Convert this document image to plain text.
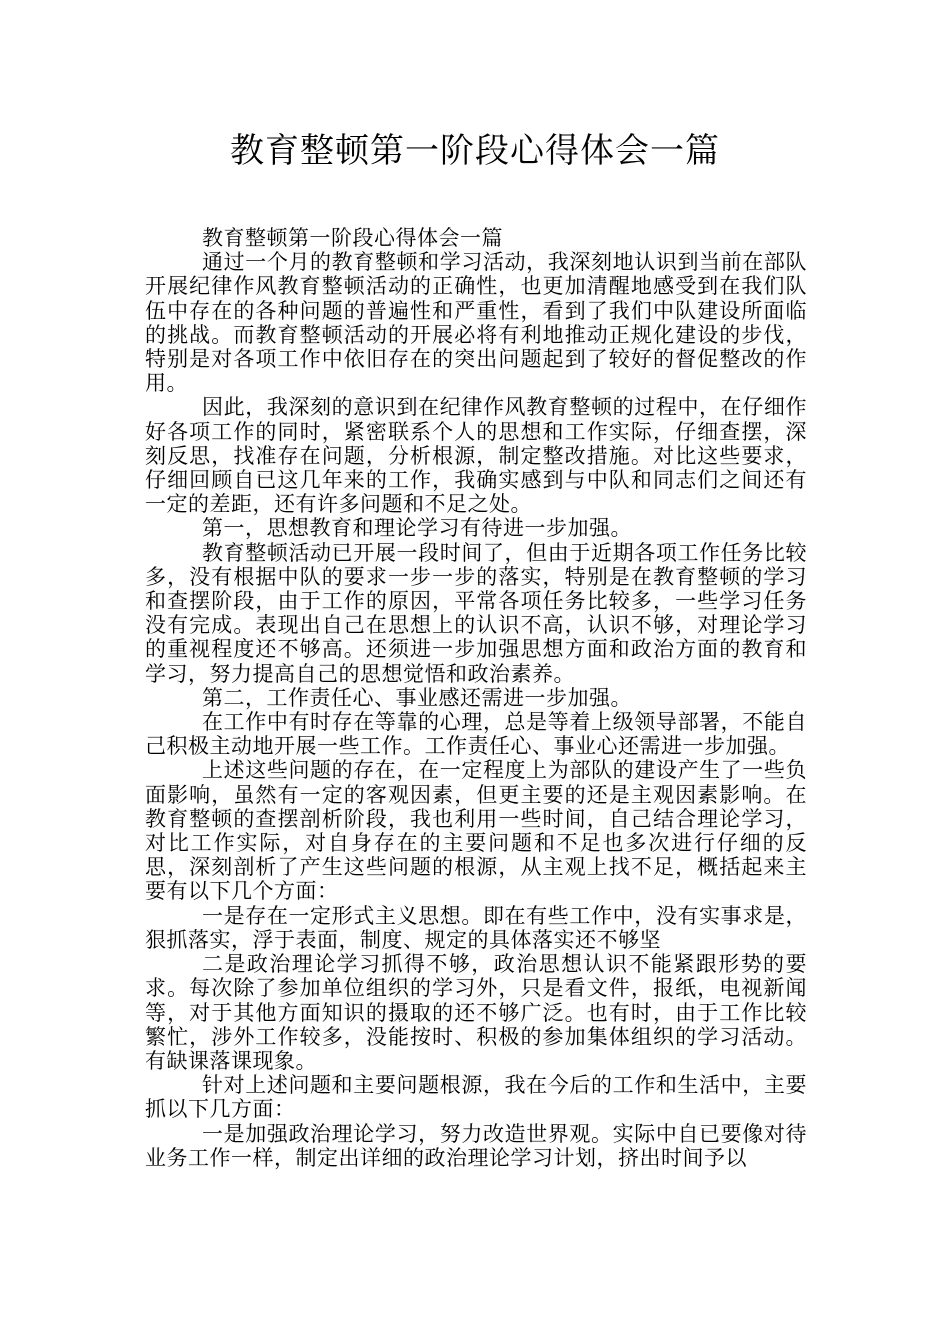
教育整顿第一阶段心得体会一篇

教育整顿第一阶段心得体会一篇

通过一个月的教育整顿和学习活动，我深刻地认识到当前在部队开展纪律作风教育整顿活动的正确性，也更加清醒地感受到在我们队伍中存在的各种问题的普遍性和严重性，看到了我们中队建设所面临的挑战。而教育整顿活动的开展必将有利地推动正规化建设的步伐，特别是对各项工作中依旧存在的突出问题起到了较好的督促整改的作用。

因此，我深刻的意识到在纪律作风教育整顿的过程中，在仔细作好各项工作的同时，紧密联系个人的思想和工作实际，仔细查摆，深刻反思，找准存在问题，分析根源，制定整改措施。对比这些要求，仔细回顾自已这几年来的工作，我确实感到与中队和同志们之间还有一定的差距，还有许多问题和不足之处。

第一，思想教育和理论学习有待进一步加强。

教育整顿活动已开展一段时间了，但由于近期各项工作任务比较多，没有根据中队的要求一步一步的落实，特别是在教育整顿的学习和查摆阶段，由于工作的原因，平常各项任务比较多，一些学习任务没有完成。表现出自己在思想上的认识不高，认识不够，对理论学习的重视程度还不够高。还须进一步加强思想方面和政治方面的教育和学习，努力提高自己的思想觉悟和政治素养。

第二，工作责任心、事业感还需进一步加强。

在工作中有时存在等靠的心理，总是等着上级领导部署，不能自己积极主动地开展一些工作。工作责任心、事业心还需进一步加强。

上述这些问题的存在，在一定程度上为部队的建设产生了一些负面影响，虽然有一定的客观因素，但更主要的还是主观因素影响。在教育整顿的查摆剖析阶段，我也利用一些时间，自己结合理论学习，对比工作实际，对自身存在的主要问题和不足也多次进行仔细的反思，深刻剖析了产生这些问题的根源，从主观上找不足，概括起来主要有以下几个方面：

一是存在一定形式主义思想。即在有些工作中，没有实事求是，狠抓落实，浮于表面，制度、规定的具体落实还不够坚

二是政治理论学习抓得不够，政治思想认识不能紧跟形势的要求。每次除了参加单位组织的学习外，只是看文件，报纸，电视新闻等，对于其他方面知识的摄取的还不够广泛。也有时，由于工作比较繁忙，涉外工作较多，没能按时、积极的参加集体组织的学习活动。有缺课落课现象。

针对上述问题和主要问题根源，我在今后的工作和生活中，主要抓以下几方面：

一是加强政治理论学习，努力改造世界观。实际中自已要像对待业务工作一样，制定出详细的政治理论学习计划，挤出时间予以
